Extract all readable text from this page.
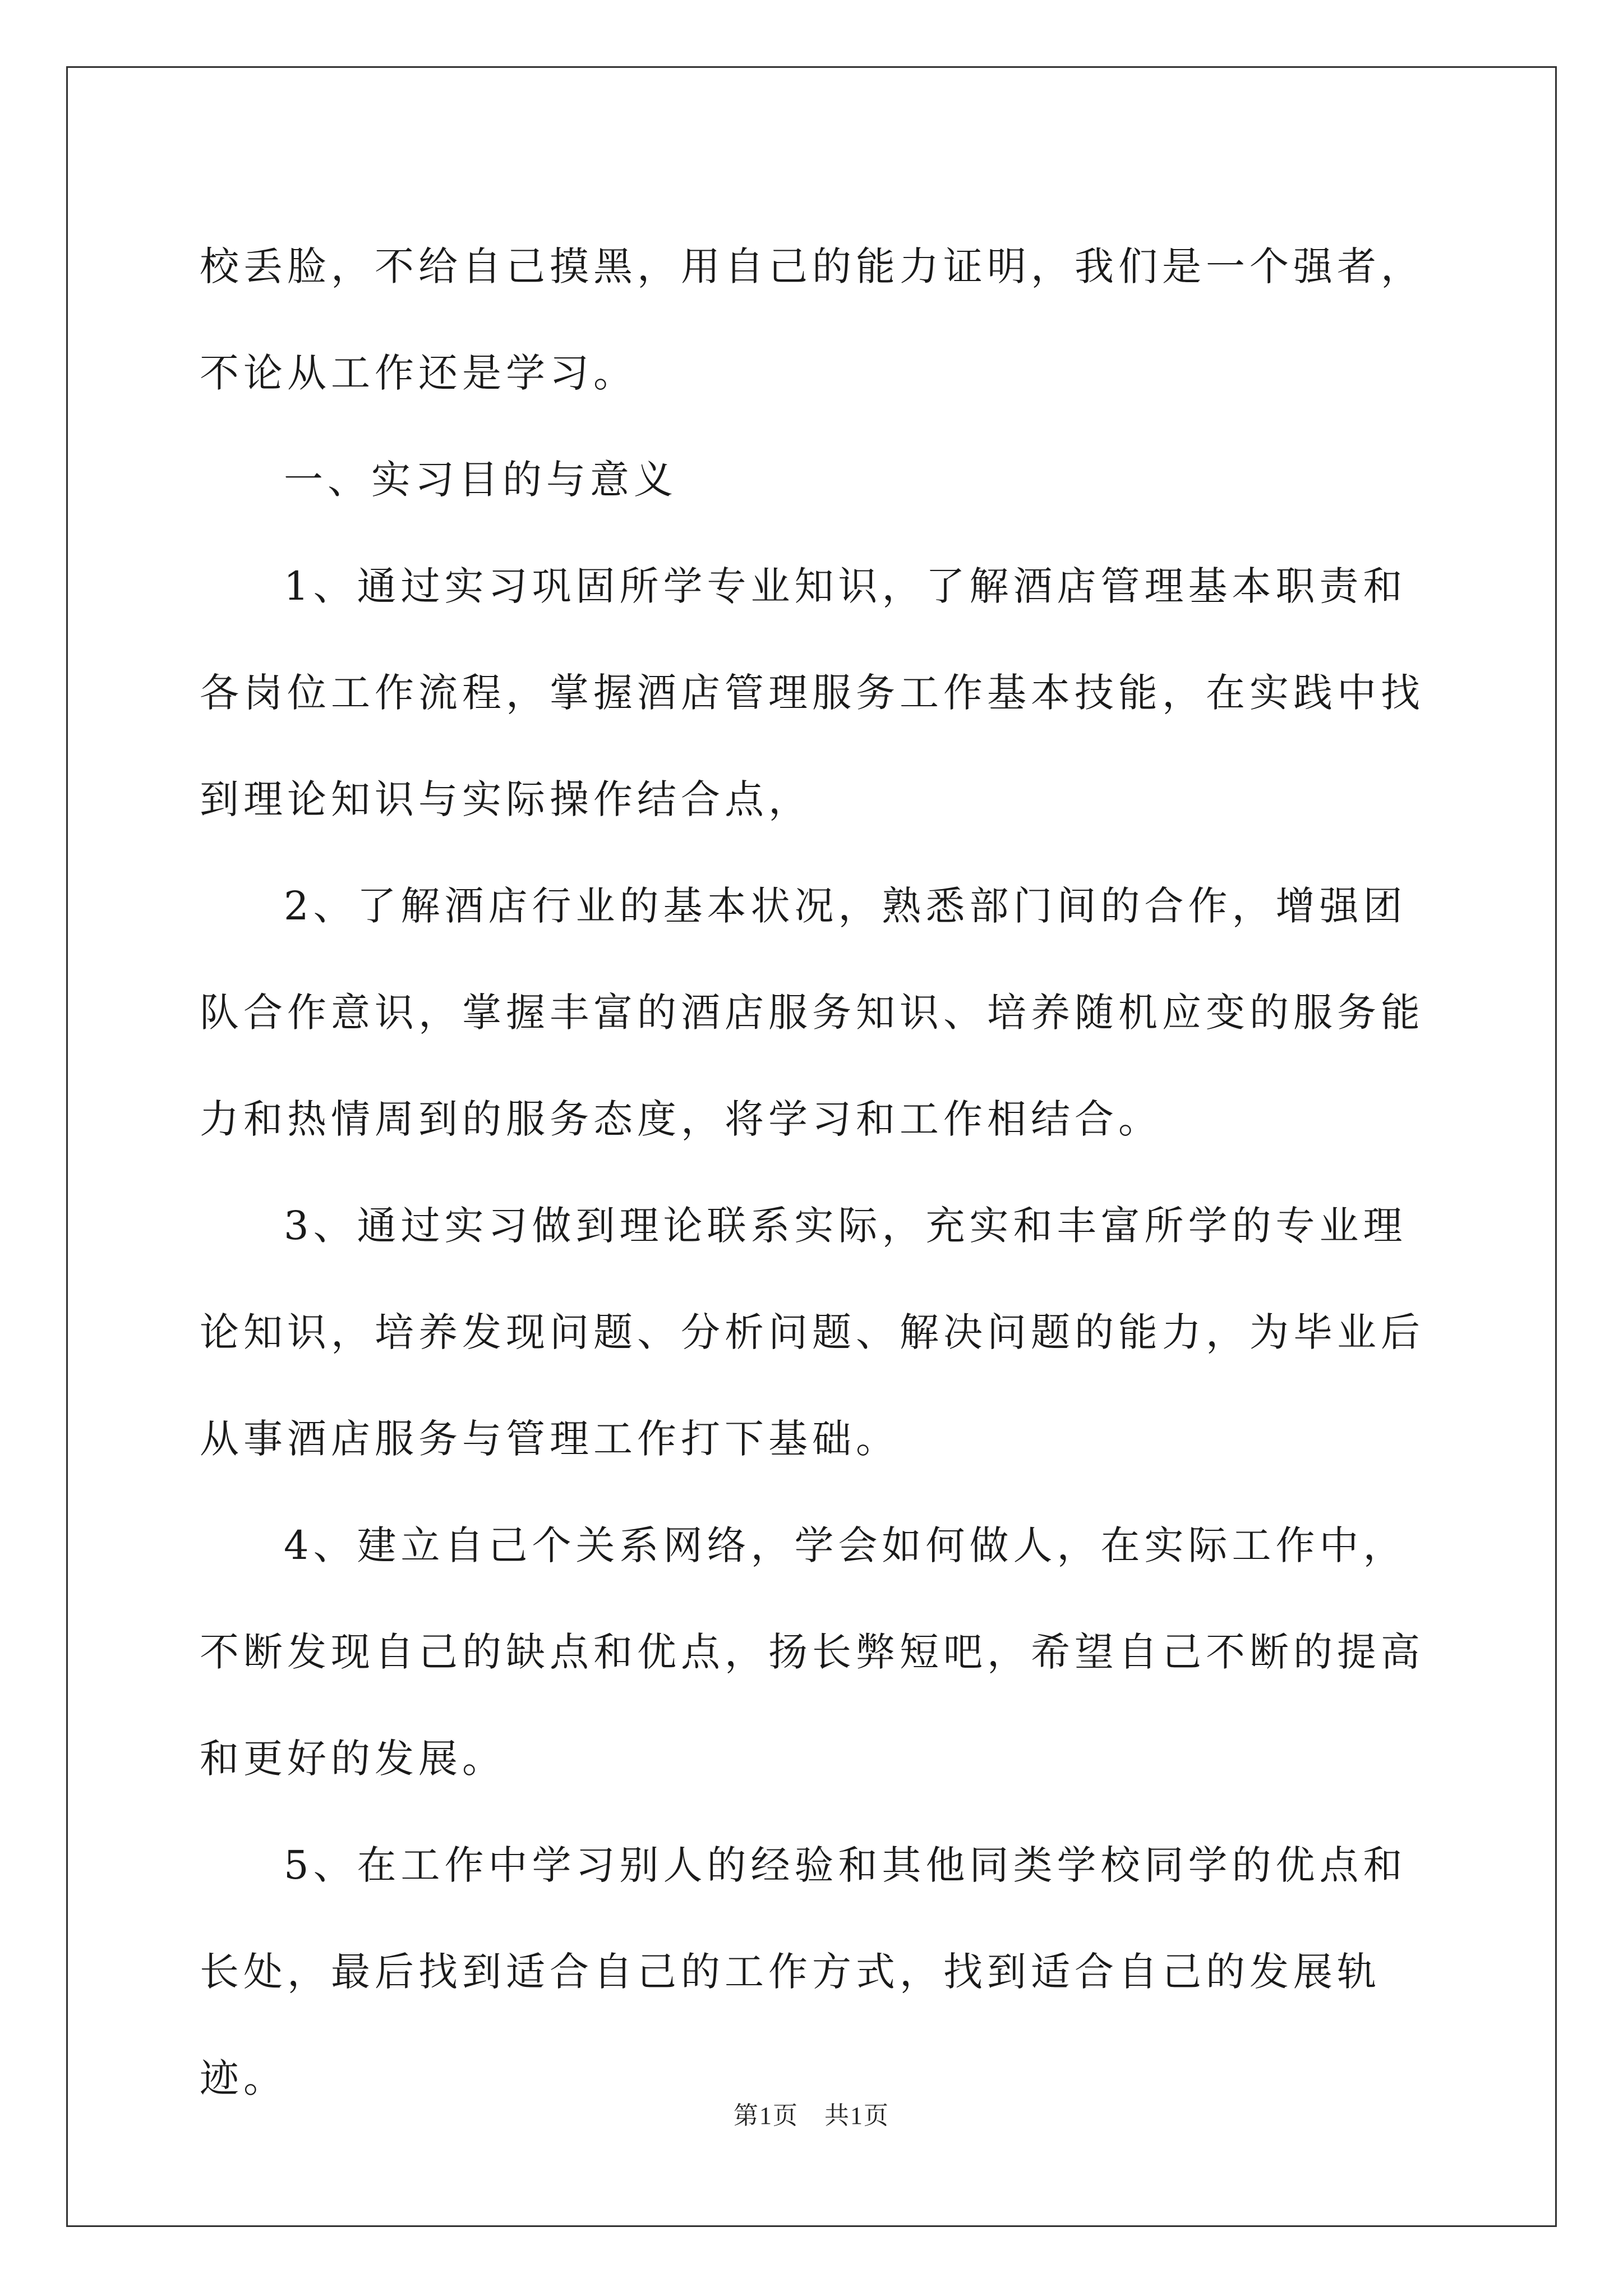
校丢脸，不给自己摸黑，用自己的能力证明，我们是一个强者，不论从工作还是学习。

一、实习目的与意义

1、通过实习巩固所学专业知识，了解酒店管理基本职责和各岗位工作流程，掌握酒店管理服务工作基本技能，在实践中找到理论知识与实际操作结合点，

2、了解酒店行业的基本状况，熟悉部门间的合作，增强团队合作意识，掌握丰富的酒店服务知识、培养随机应变的服务能力和热情周到的服务态度，将学习和工作相结合。

3、通过实习做到理论联系实际，充实和丰富所学的专业理论知识，培养发现问题、分析问题、解决问题的能力，为毕业后从事酒店服务与管理工作打下基础。

4、建立自己个关系网络，学会如何做人，在实际工作中，不断发现自己的缺点和优点，扬长弊短吧，希望自己不断的提高和更好的发展。

5、在工作中学习别人的经验和其他同类学校同学的优点和长处，最后找到适合自己的工作方式，找到适合自己的发展轨迹。

第1页　共1页
